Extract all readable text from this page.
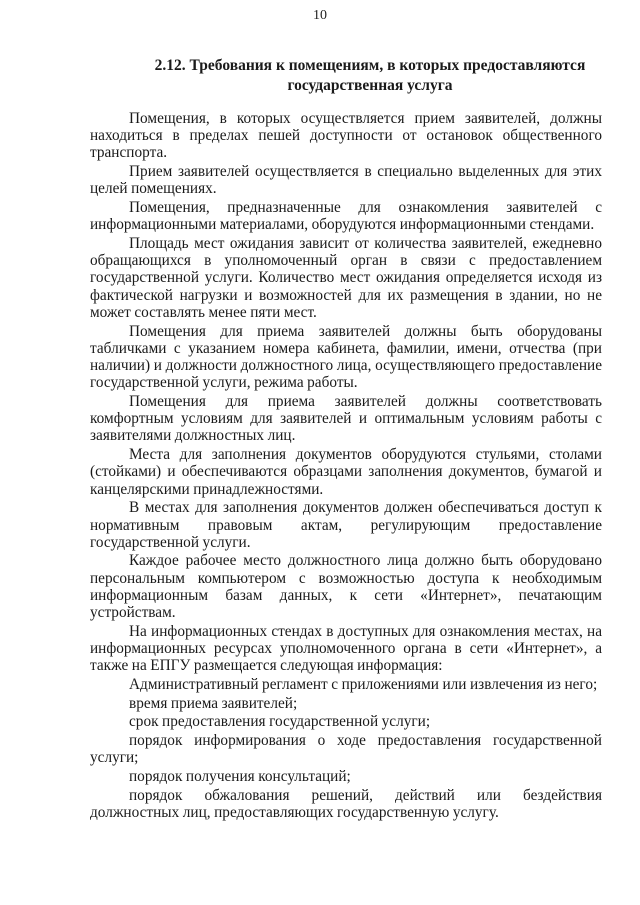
10
2.12. Требования к помещениям, в которых предоставляются государственная услуга

Помещения, в которых осуществляется прием заявителей, должны находиться в пределах пешей доступности от остановок общественного транспорта.

Прием заявителей осуществляется в специально выделенных для этих целей помещениях.

Помещения, предназначенные для ознакомления заявителей с информационными материалами, оборудуются информационными стендами.

Площадь мест ожидания зависит от количества заявителей, ежедневно обращающихся в уполномоченный орган в связи с предоставлением государственной услуги. Количество мест ожидания определяется исходя из фактической нагрузки и возможностей для их размещения в здании, но не может составлять менее пяти мест.

Помещения для приема заявителей должны быть оборудованы табличками с указанием номера кабинета, фамилии, имени, отчества (при наличии) и должности должностного лица, осуществляющего предоставление государственной услуги, режима работы.

Помещения для приема заявителей должны соответствовать комфортным условиям для заявителей и оптимальным условиям работы с заявителями должностных лиц.

Места для заполнения документов оборудуются стульями, столами (стойками) и обеспечиваются образцами заполнения документов, бумагой и канцелярскими принадлежностями.

В местах для заполнения документов должен обеспечиваться доступ к нормативным правовым актам, регулирующим предоставление государственной услуги.

Каждое рабочее место должностного лица должно быть оборудовано персональным компьютером с возможностью доступа к необходимым информационным базам данных, к сети «Интернет», печатающим устройствам.

На информационных стендах в доступных для ознакомления местах, на информационных ресурсах уполномоченного органа в сети «Интернет», а также на ЕПГУ размещается следующая информация:

Административный регламент с приложениями или извлечения из него;

время приема заявителей;

срок предоставления государственной услуги;

порядок информирования о ходе предоставления государственной услуги;

порядок получения консультаций;

порядок обжалования решений, действий или бездействия должностных лиц, предоставляющих государственную услугу.
